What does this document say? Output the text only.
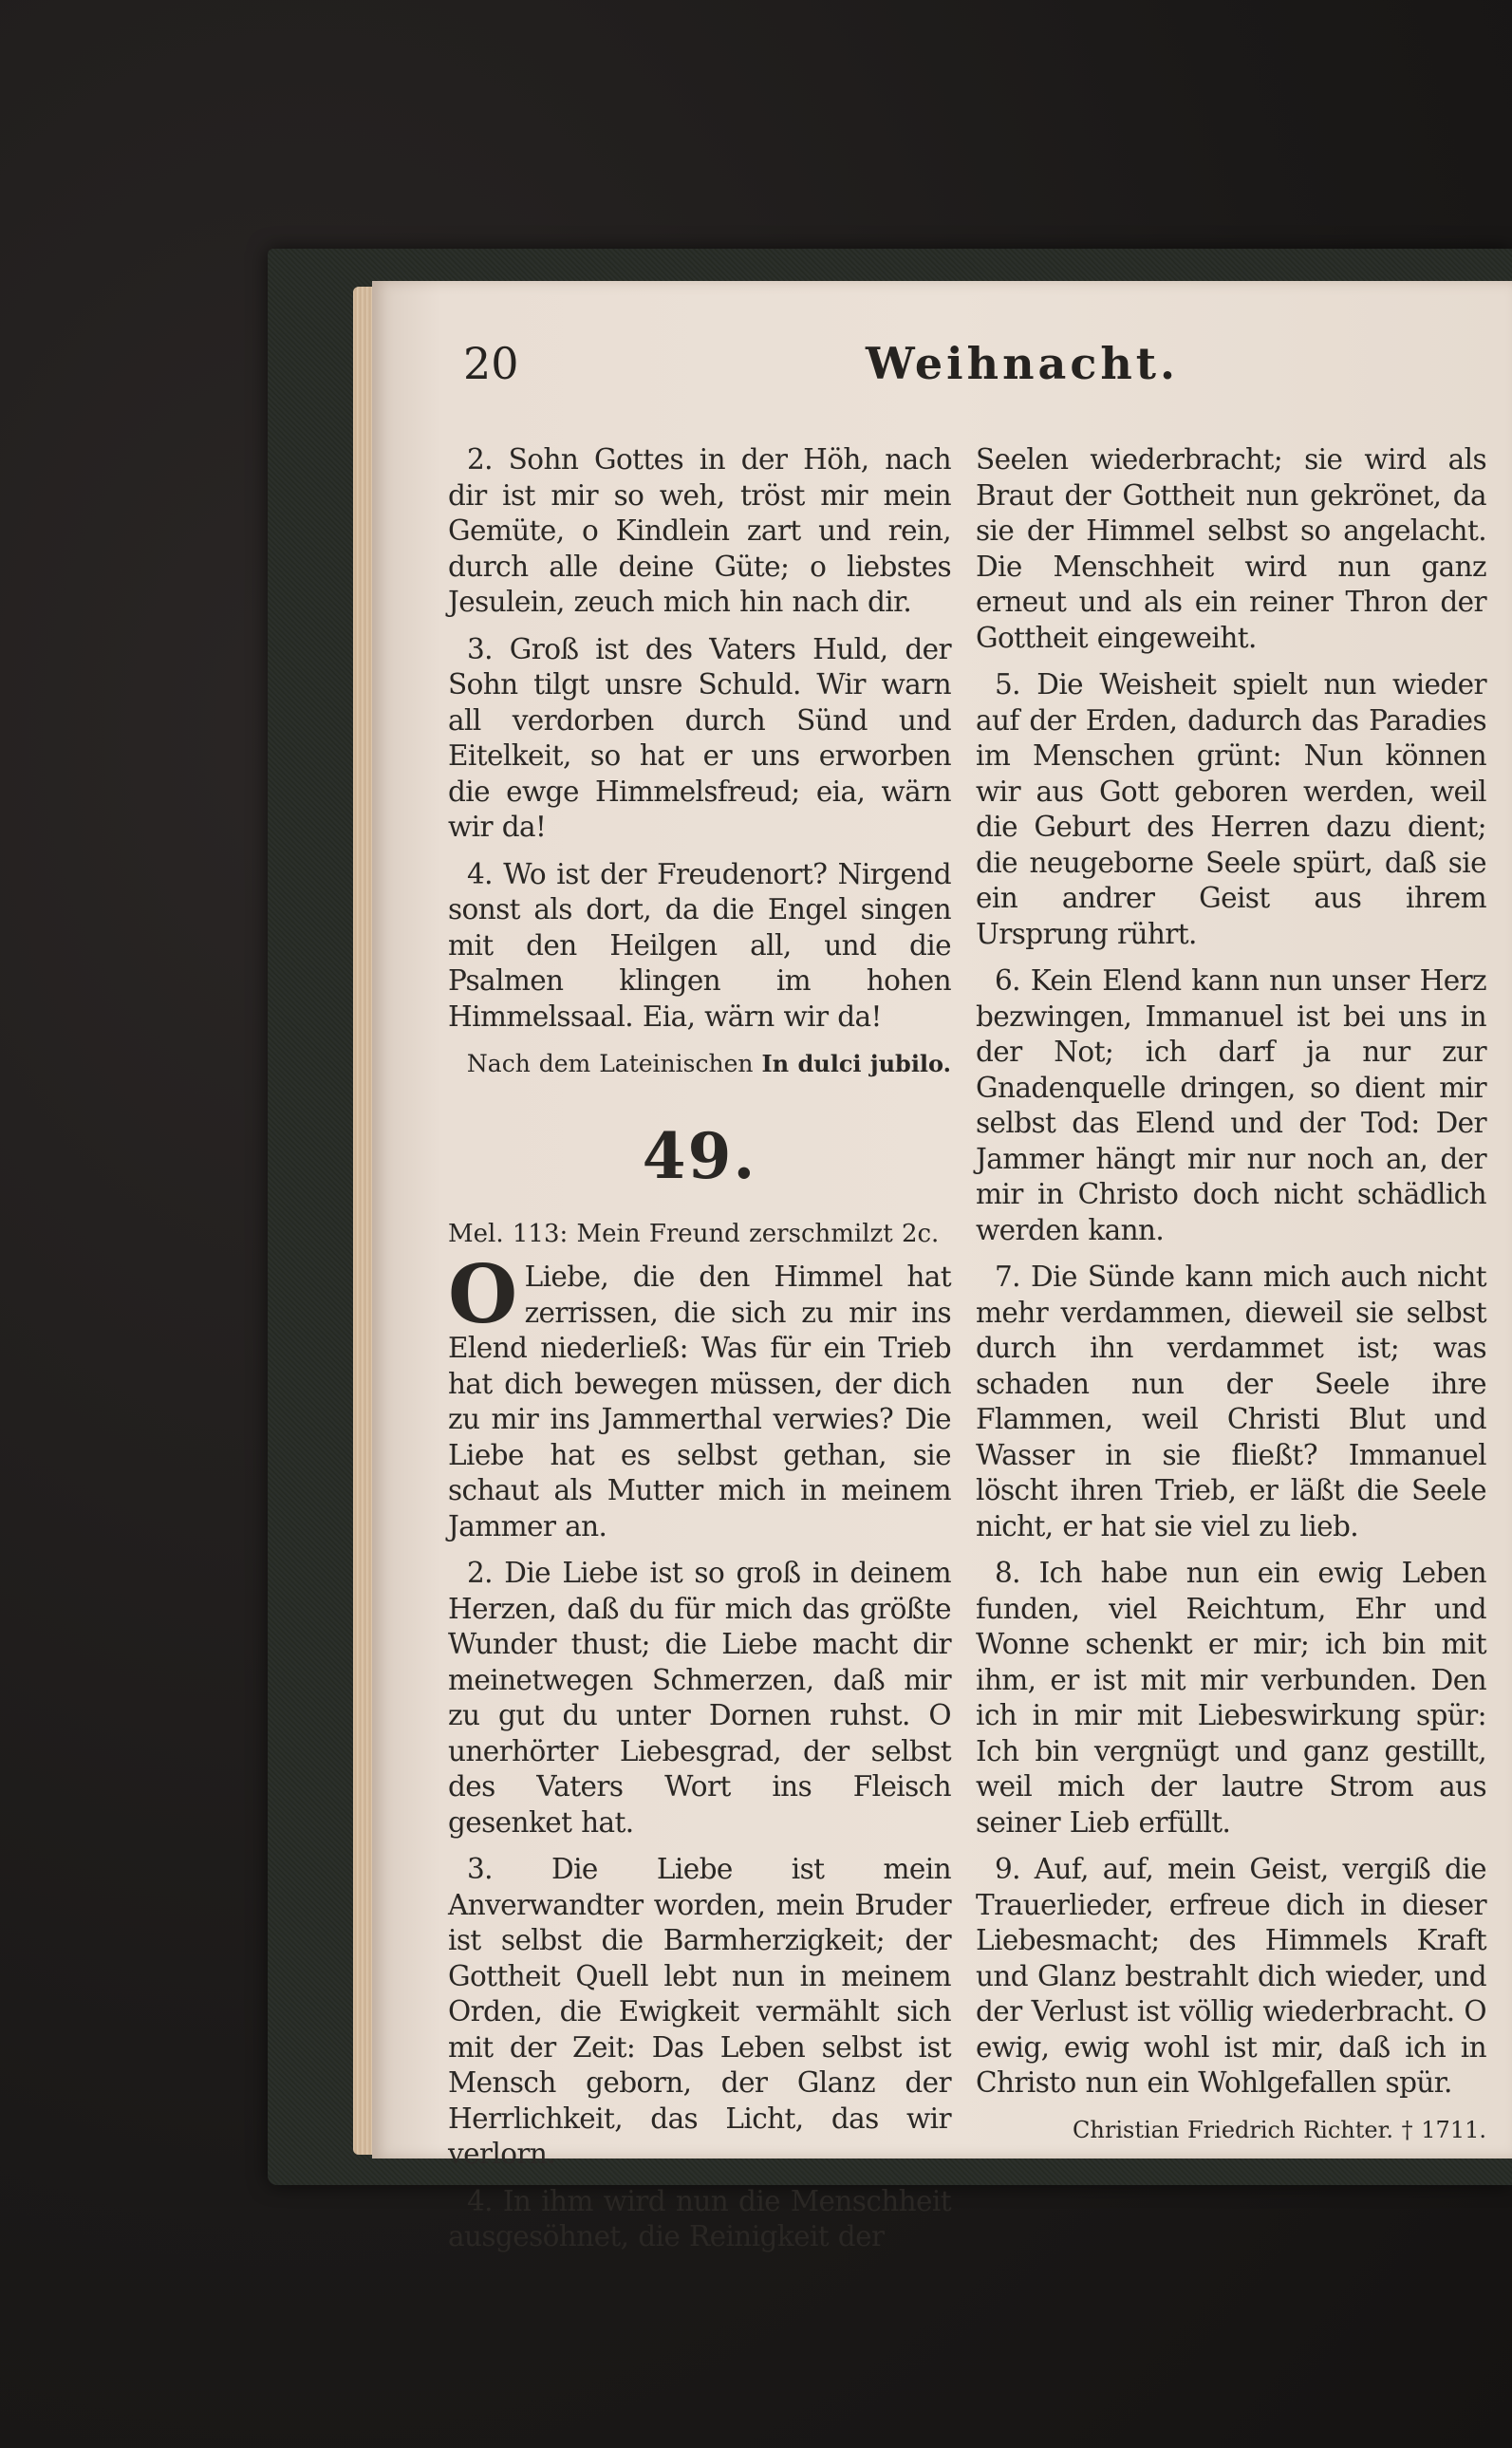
20	Weihnacht.

2. Sohn Gottes in der Höh, nach dir ist mir so weh, tröst mir mein Gemüte, o Kindlein zart und rein, durch alle deine Güte; o liebstes Jesulein, zeuch mich hin nach dir.

3. Groß ist des Vaters Huld, der Sohn tilgt unsre Schuld. Wir warn all verdorben durch Sünd und Eitelkeit, so hat er uns erworben die ewge Himmelsfreud; eia, wärn wir da!

4. Wo ist der Freudenort? Nirgend sonst als dort, da die Engel singen mit den Heilgen all, und die Psalmen klingen im hohen Himmelssaal. Eia, wärn wir da!

Nach dem Lateinischen In dulci jubilo.
49.
Mel. 113: Mein Freund zerschmilzt 2c.

O Liebe, die den Himmel hat zerrissen, die sich zu mir ins Elend niederließ: Was für ein Trieb hat dich bewegen müssen, der dich zu mir ins Jammerthal verwies? Die Liebe hat es selbst gethan, sie schaut als Mutter mich in meinem Jammer an.

2. Die Liebe ist so groß in deinem Herzen, daß du für mich das größte Wunder thust; die Liebe macht dir meinetwegen Schmerzen, daß mir zu gut du unter Dornen ruhst. O unerhörter Liebesgrad, der selbst des Vaters Wort ins Fleisch gesenket hat.

3. Die Liebe ist mein Anverwandter worden, mein Bruder ist selbst die Barmherzigkeit; der Gottheit Quell lebt nun in meinem Orden, die Ewigkeit vermählt sich mit der Zeit: Das Leben selbst ist Mensch geborn, der Glanz der Herrlichkeit, das Licht, das wir verlorn.

4. In ihm wird nun die Menschheit ausgesöhnet, die Reinigkeit der

Seelen wiederbracht; sie wird als Braut der Gottheit nun gekrönet, da sie der Himmel selbst so angelacht. Die Menschheit wird nun ganz erneut und als ein reiner Thron der Gottheit eingeweiht.

5. Die Weisheit spielt nun wieder auf der Erden, dadurch das Paradies im Menschen grünt: Nun können wir aus Gott geboren werden, weil die Geburt des Herren dazu dient; die neugeborne Seele spürt, daß sie ein andrer Geist aus ihrem Ursprung rührt.

6. Kein Elend kann nun unser Herz bezwingen, Immanuel ist bei uns in der Not; ich darf ja nur zur Gnadenquelle dringen, so dient mir selbst das Elend und der Tod: Der Jammer hängt mir nur noch an, der mir in Christo doch nicht schädlich werden kann.

7. Die Sünde kann mich auch nicht mehr verdammen, dieweil sie selbst durch ihn verdammet ist; was schaden nun der Seele ihre Flammen, weil Christi Blut und Wasser in sie fließt? Immanuel löscht ihren Trieb, er läßt die Seele nicht, er hat sie viel zu lieb.

8. Ich habe nun ein ewig Leben funden, viel Reichtum, Ehr und Wonne schenkt er mir; ich bin mit ihm, er ist mit mir verbunden. Den ich in mir mit Liebeswirkung spür: Ich bin vergnügt und ganz gestillt, weil mich der lautre Strom aus seiner Lieb erfüllt.

9. Auf, auf, mein Geist, vergiß die Trauerlieder, erfreue dich in dieser Liebesmacht; des Himmels Kraft und Glanz bestrahlt dich wieder, und der Verlust ist völlig wiederbracht. O ewig, ewig wohl ist mir, daß ich in Christo nun ein Wohlgefallen spür.

Christian Friedrich Richter. † 1711.
